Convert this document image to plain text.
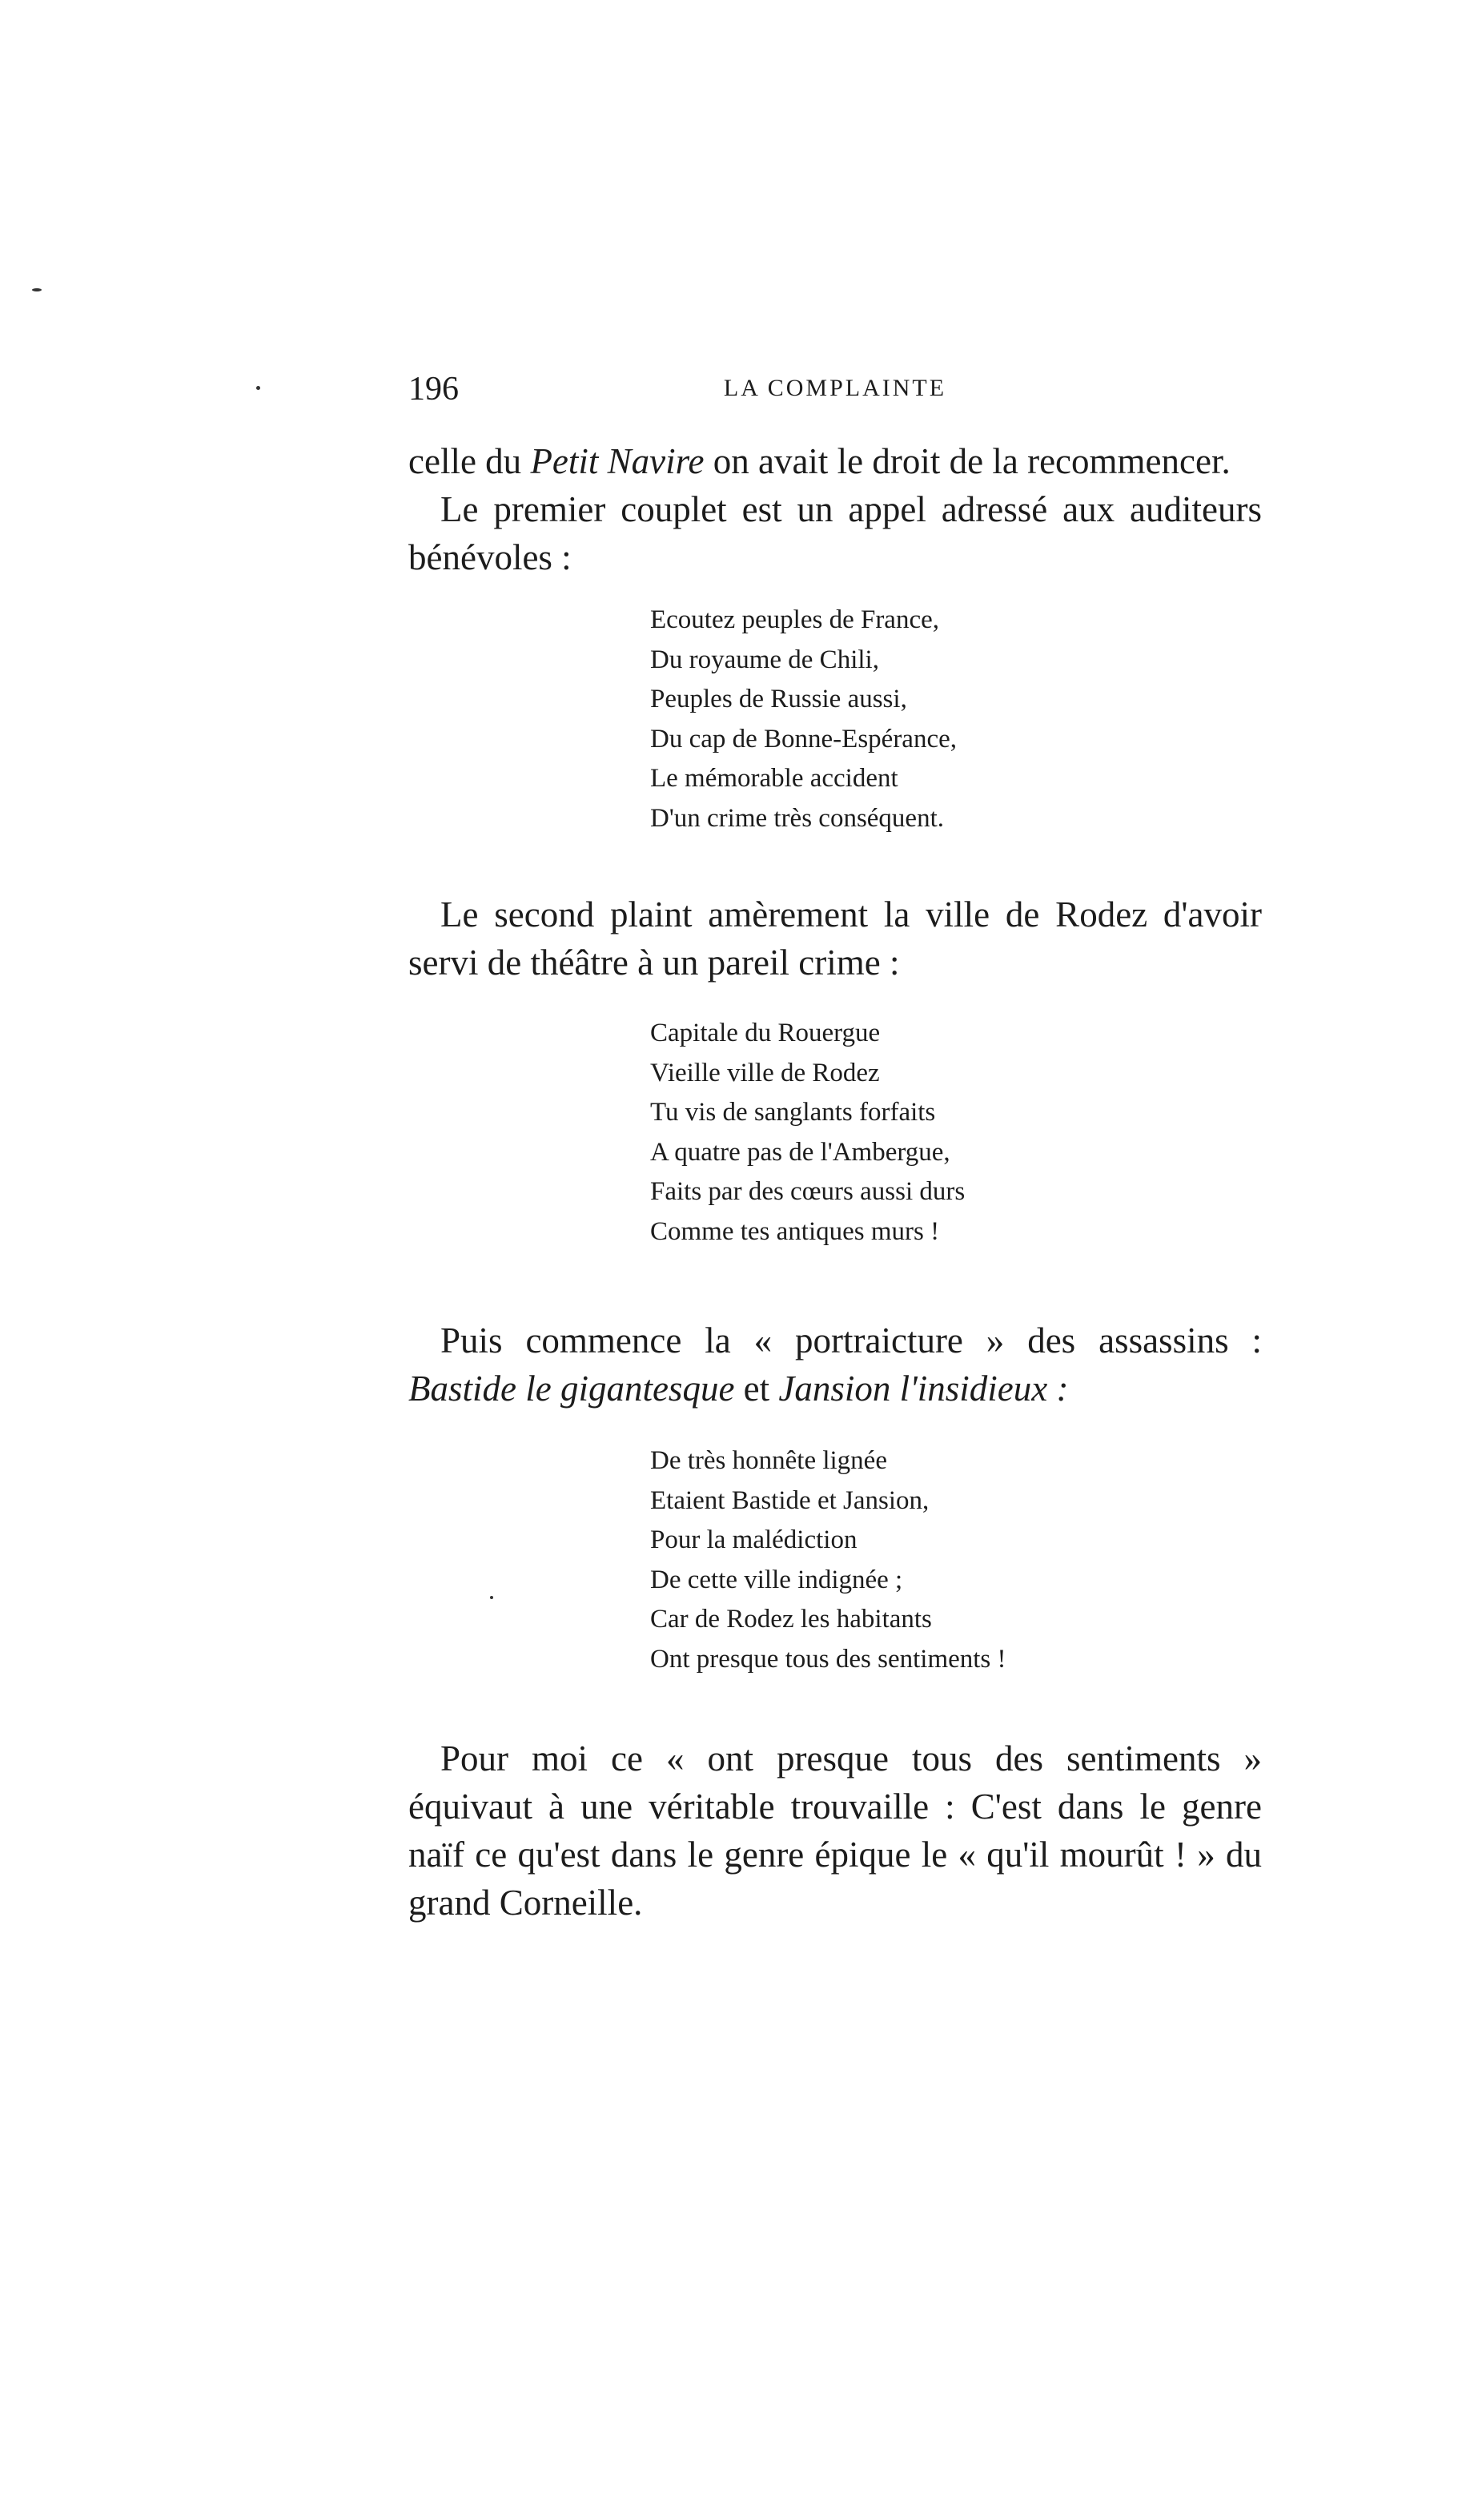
196	LA COMPLAINTE

celle du Petit Navire on avait le droit de la recommencer.

Le premier couplet est un appel adressé aux auditeurs bénévoles :

Ecoutez peuples de France,
Du royaume de Chili,
Peuples de Russie aussi,
Du cap de Bonne-Espérance,
Le mémorable accident
D'un crime très conséquent.

Le second plaint amèrement la ville de Rodez d'avoir servi de théâtre à un pareil crime :

Capitale du Rouergue
Vieille ville de Rodez
Tu vis de sanglants forfaits
A quatre pas de l'Ambergue,
Faits par des cœurs aussi durs
Comme tes antiques murs !

Puis commence la « portraicture » des assassins : Bastide le gigantesque et Jansion l'insidieux :

De très honnête lignée
Etaient Bastide et Jansion,
Pour la malédiction
De cette ville indignée ;
Car de Rodez les habitants
Ont presque tous des sentiments !

Pour moi ce « ont presque tous des sentiments » équivaut à une véritable trouvaille : C'est dans le genre naïf ce qu'est dans le genre épique le « qu'il mourût ! » du grand Corneille.
